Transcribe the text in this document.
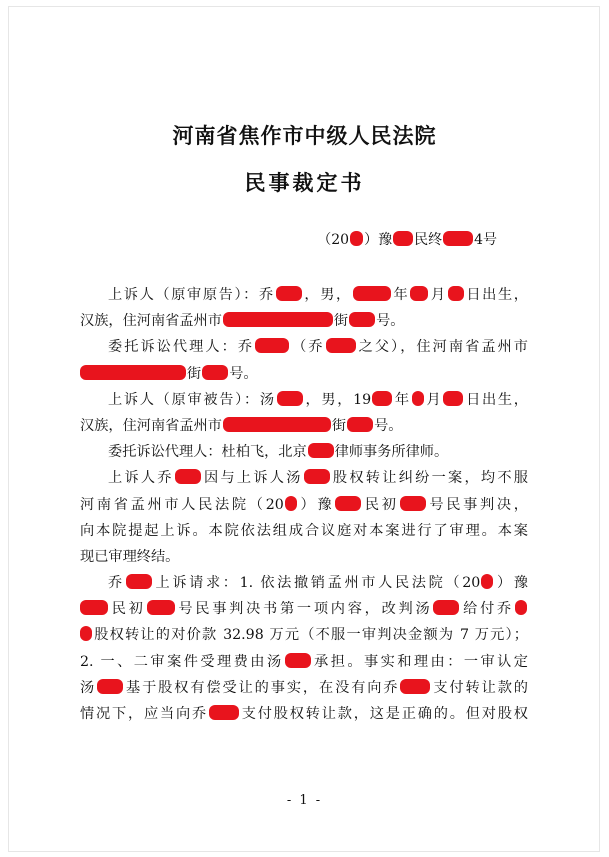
河南省焦作市中级人民法院
民事裁定书
（20 ）豫 民终 4号
上诉人（原审原告）：乔 ，男，	年 月 日出生，
汉族，住河南省孟州市	街 号。
委托诉讼代理人：乔	（乔 之父），住河南省孟州市
街 号。
上诉人（原审被告）：汤 ，男，19 年 月 日出生，
汉族，住河南省孟州市	街 号。
委托诉讼代理人：杜柏飞，北京 律师事务所律师。
上诉人乔 因与上诉人汤 股权转让纠纷一案，均不服
河南省孟州市人民法院（20 ）豫 民初 号民事判决，
向本院提起上诉。本院依法组成合议庭对本案进行了审理。本案
现已审理终结。
乔 上诉请求：1. 依法撤销孟州市人民法院（20 ）豫
民初 号民事判决书第一项内容，改判汤 给付乔
股权转让的对价款 32.98 万元（不服一审判决金额为 7 万元）；
2. 一、二审案件受理费由汤 承担。事实和理由：一审认定
汤 基于股权有偿受让的事实，在没有向乔 支付转让款的
情况下，应当向乔 支付股权转让款，这是正确的。但对股权
- 1 -
